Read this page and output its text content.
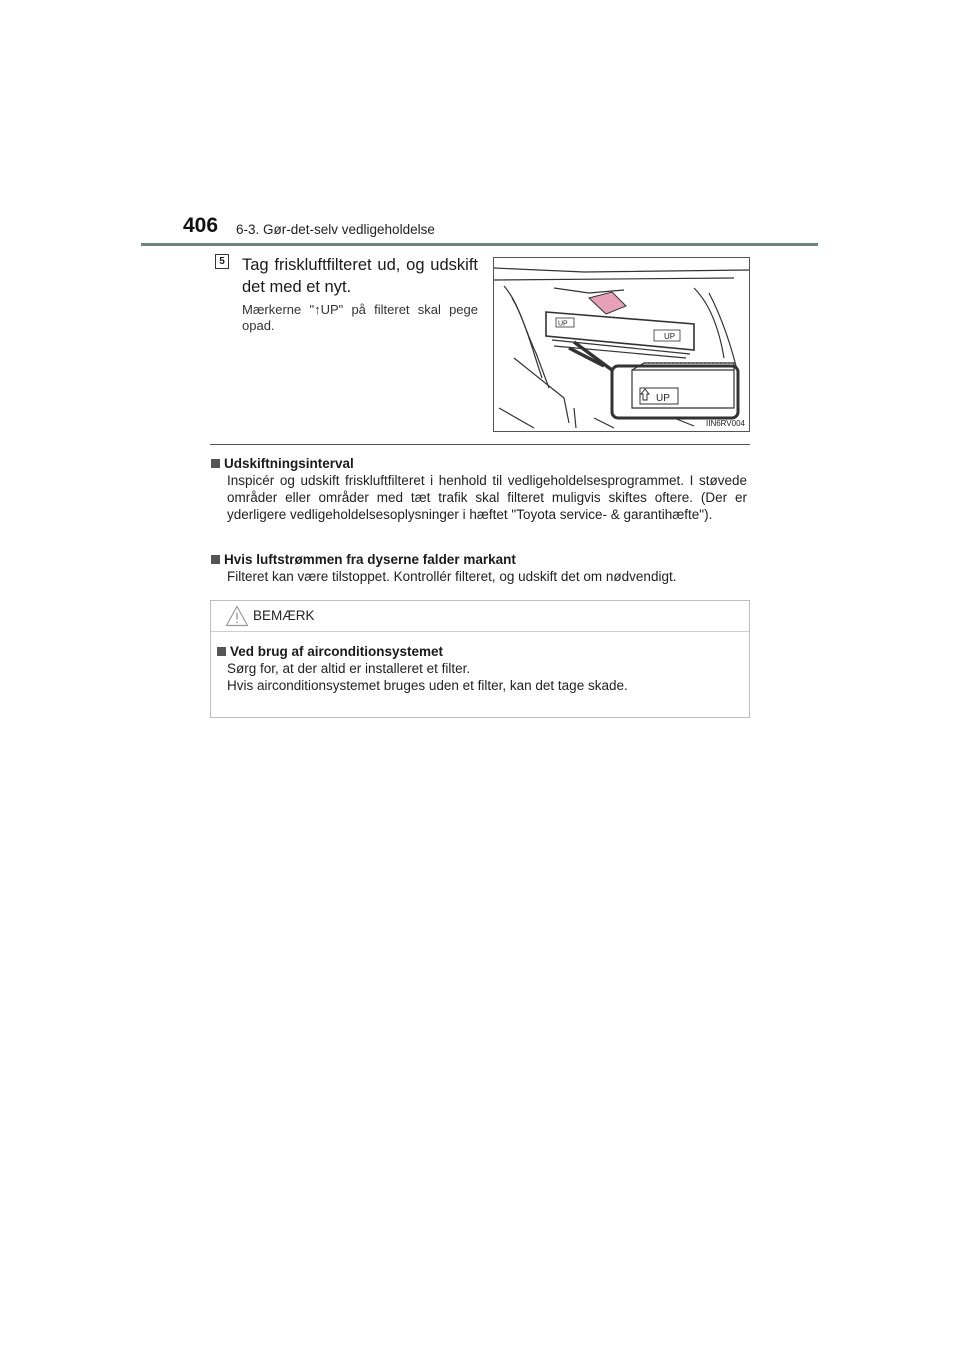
406 6-3. Gør-det-selv vedligeholdelse
5 Tag friskluftfilteret ud, og udskift det med et nyt.
Mærkerne "↑UP" på filteret skal pege opad.	UP
UP
UP
IIN6RV004
Udskiftningsinterval
Inspicér og udskift friskluftfilteret i henhold til vedligeholdelsesprogrammet. I støvede områder eller områder med tæt trafik skal filteret muligvis skiftes oftere. (Der er yderligere vedligeholdelsesoplysninger i hæftet "Toyota service- & garantihæfte").
Hvis luftstrømmen fra dyserne falder markant
Filteret kan være tilstoppet. Kontrollér filteret, og udskift det om nødvendigt.
BEMÆRK
Ved brug af airconditionsystemet
Sørg for, at der altid er installeret et filter.
Hvis airconditionsystemet bruges uden et filter, kan det tage skade.
